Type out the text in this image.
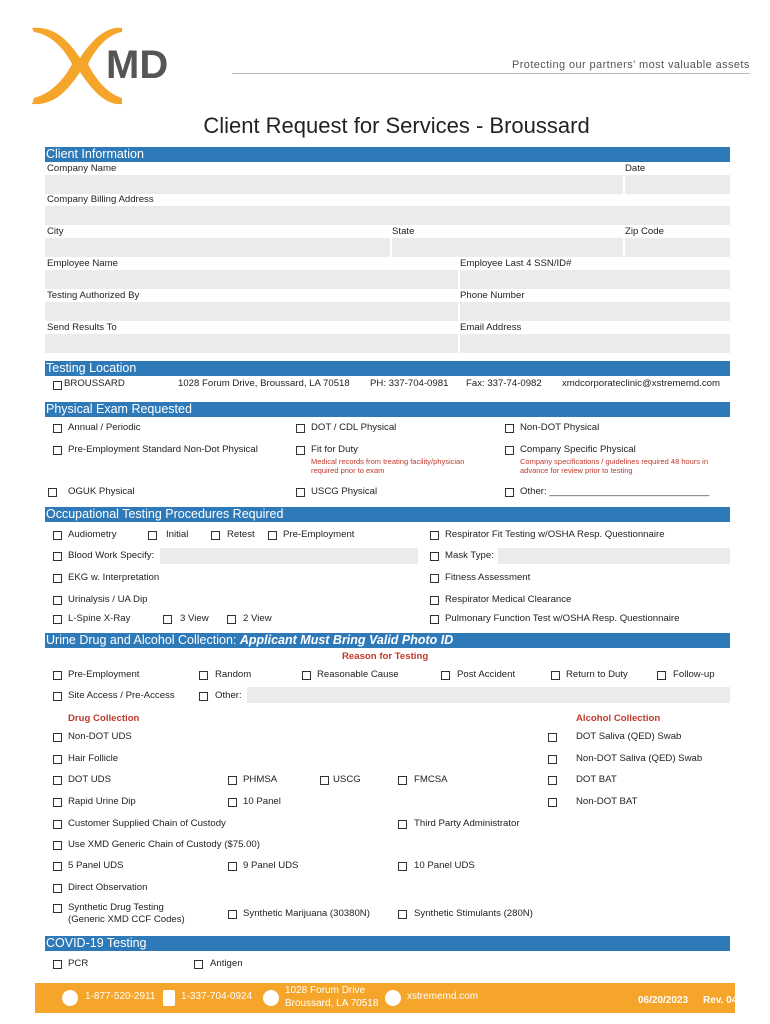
MD	Protecting our partners' most valuable assets
Client Request for Services - Broussard
Client Information
Company Name	Date
Company Billing Address
City	State	Zip Code
Employee Name	Employee Last 4 SSN/ID#
Testing Authorized By	Phone Number
Send Results To	Email Address
Testing Location
BROUSSARD	1028 Forum Drive, Broussard, LA 70518 PH: 337-704-0981 Fax: 337-74-0982 xmdcorporateclinic@xstrememd.com
Physical Exam Requested
Annual / Periodic	DOT / CDL Physical	Non-DOT Physical
Pre-Employment Standard Non-Dot Physical	Fit for Duty
Medical records from treating facility/physician required prior to exam
Company Specific Physical
Company specifications / guidelines required 48 hours in advance for review prior to testing
OGUK Physical	USCG Physical	Other: ______________________________
Occupational Testing Procedures Required
Audiometry	Initial	Retest	Pre-Employment	Respirator Fit Testing w/OSHA Resp. Questionnaire
Blood Work Specify:	Mask Type:
EKG w. Interpretation	Fitness Assessment
Urinalysis / UA Dip	Respirator Medical Clearance
L-Spine X-Ray	3 View	2 View	Pulmonary Function Test w/OSHA Resp. Questionnaire
Urine Drug and Alcohol Collection: Applicant Must Bring Valid Photo ID
Reason for Testing
Pre-Employment	Random	Reasonable Cause	Post Accident	Return to Duty	Follow-up
Site Access / Pre-Access	Other:
Drug Collection	Alcohol Collection
Non-DOT UDS	DOT Saliva (QED) Swab
Hair Follicle	Non-DOT Saliva (QED) Swab
DOT UDS	PHMSA	USCG	FMCSA	DOT BAT
Rapid Urine Dip	10 Panel	Non-DOT BAT
Customer Supplied Chain of Custody	Third Party Administrator
Use XMD Generic Chain of Custody ($75.00)
5 Panel UDS	9 Panel UDS	10 Panel UDS
Direct Observation
Synthetic Drug Testing
(Generic XMD CCF Codes)
Synthetic Marijuana (30380N)	Synthetic Stimulants (280N)
COVID-19 Testing
PCR	Antigen
1-877-520-2911	1-337-704-0924
1028 Forum Drive
Broussard, LA 70518
xstrememd.com	06/20/2023 Rev. 04
